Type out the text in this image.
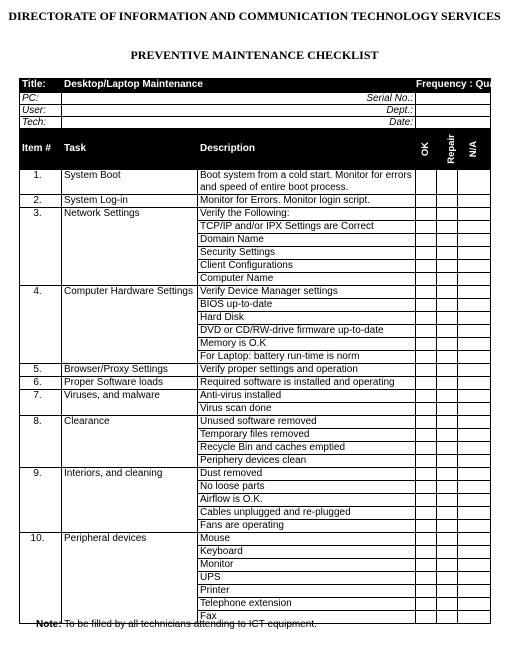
DIRECTORATE OF INFORMATION AND COMMUNICATION TECHNOLOGY SERVICES
PREVENTIVE MAINTENANCE CHECKLIST
Title:	Desktop/Laptop Maintenance		Frequency : Quarterly		
PC:	Serial No.:				
User:	Dept.:				
Tech:	Date:				
Item #	Task	Description	OK	Repair	N/A
1.	System Boot	Boot system from a cold start. Monitor for errors and speed of entire boot process.			
2.	System Log-in	Monitor for Errors. Monitor login script.			
3.	Network Settings	Verify the Following:			
		TCP/IP and/or IPX Settings are Correct			
		Domain Name			
		Security Settings			
		Client Configurations			
		Computer Name			
4.	Computer Hardware Settings	Verify Device Manager settings			
		BIOS up-to-date			
		Hard Disk			
		DVD or CD/RW-drive firmware up-to-date			
		Memory is O.K			
		For Laptop: battery run-time is norm			
5.	Browser/Proxy Settings	Verify proper settings and operation			
6.	Proper Software loads	Required software is installed and operating			
7.	Viruses, and malware	Anti-virus installed			
		Virus scan done			
8.	Clearance	Unused software removed			
		Temporary files removed			
		Recycle Bin and caches emptied			
		Periphery devices clean			
9.	Interiors, and cleaning	Dust removed			
		No loose parts			
		Airflow is O.K.			
		Cables unplugged and re-plugged			
		Fans are operating			
10.	Peripheral devices	Mouse			
		Keyboard			
		Monitor			
		UPS			
		Printer			
		Telephone extension			
		Fax			
Note: To be filled by all technicians attending to ICT equipment.
